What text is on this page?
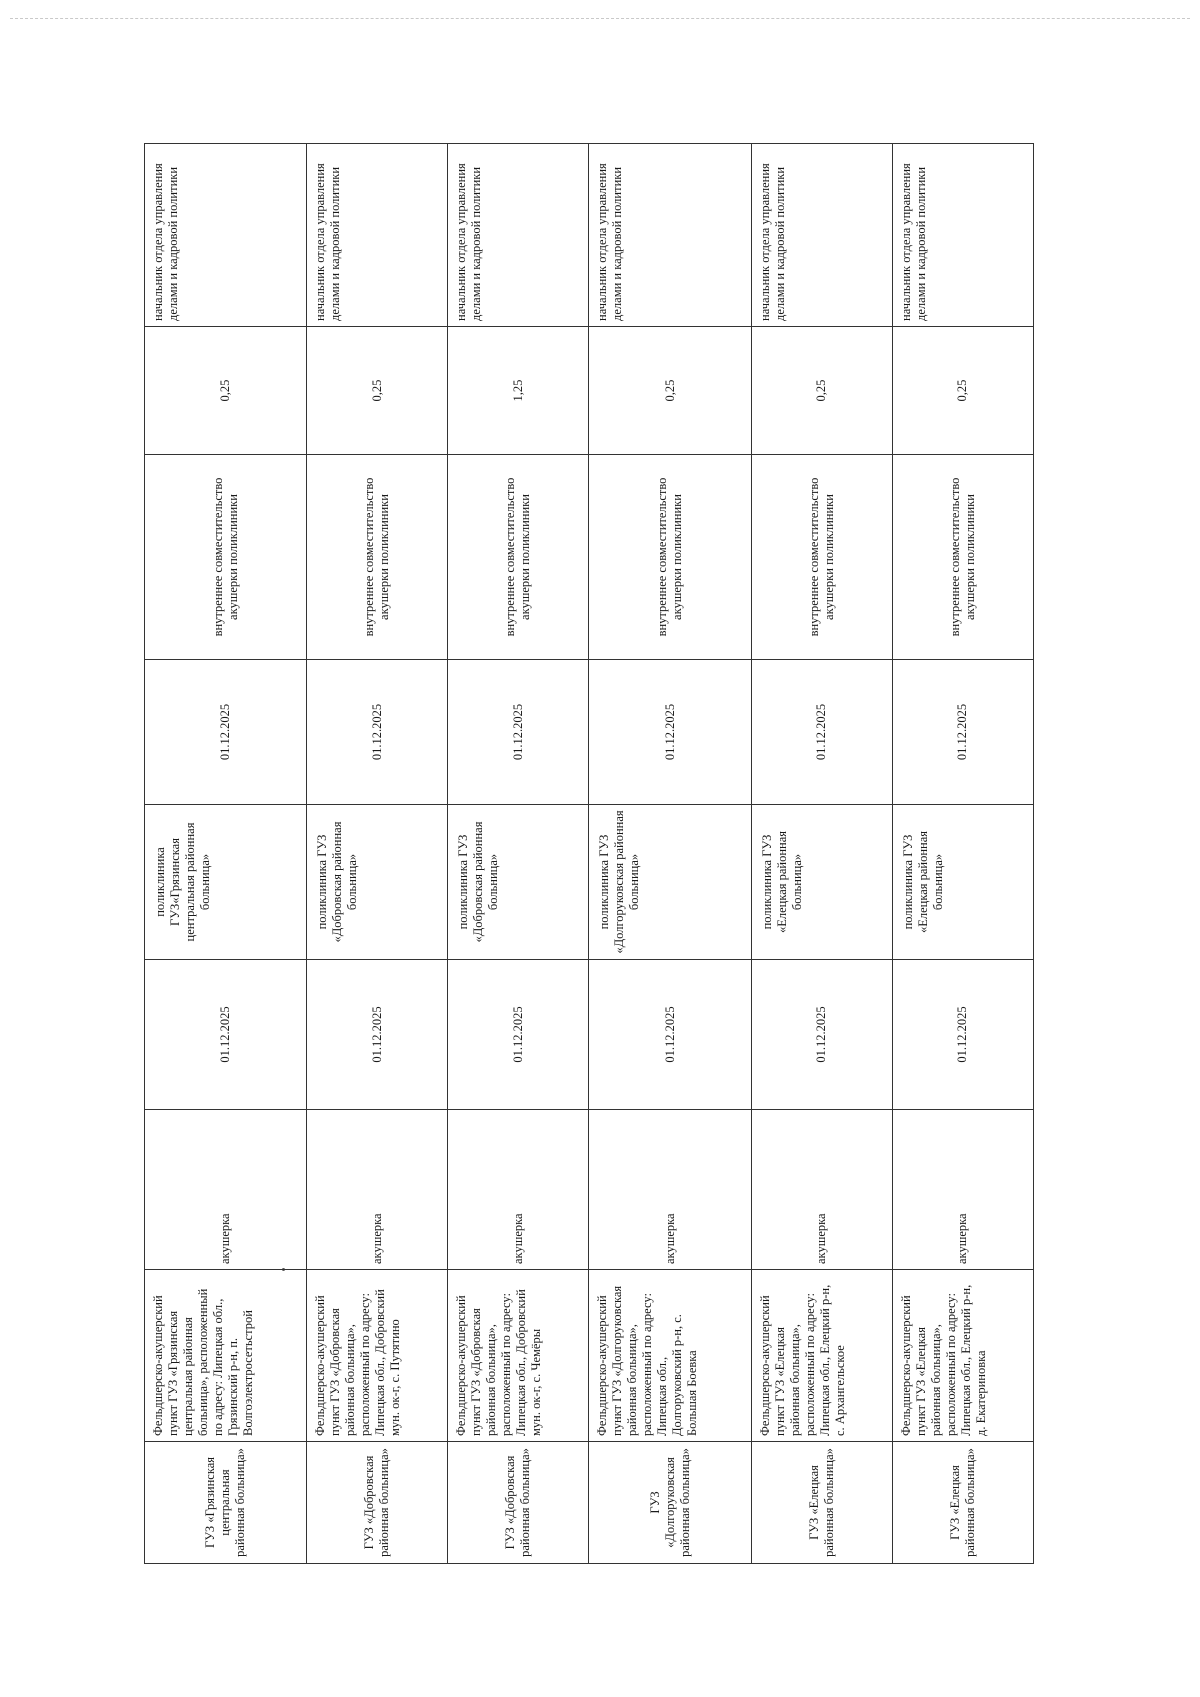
ГУЗ «Грязинская центральная районная больница»	Фельдшерско-акушерский пункт ГУЗ «Грязинская центральная районная больница», расположенный по адресу: Липецкая обл., Грязинский р-н, п. Волгоэлектросетьстрой	акушерка	01.12.2025	поликлиника ГУЗ«Грязинская центральная районная больница»	01.12.2025	внутреннее совместительство акушерки поликлиники	0,25	начальник отдела управления делами и кадровой политики
ГУЗ «Добровская районная больница»	Фельдшерско-акушерский пункт ГУЗ «Добровская районная больница», расположенный по адресу: Липецкая обл., Добровский мун. ок-г, с. Путятино	акушерка	01.12.2025	поликлиника ГУЗ «Добровская районная больница»	01.12.2025	внутреннее совместительство акушерки поликлиники	0,25	начальник отдела управления делами и кадровой политики
ГУЗ «Добровская районная больница»	Фельдшерско-акушерский пункт ГУЗ «Добровская районная больница», расположенный по адресу: Липецкая обл., Добровский мун. ок-г, с. Чемёры	акушерка	01.12.2025	поликлиника ГУЗ «Добровская районная больница»	01.12.2025	внутреннее совместительство акушерки поликлиники	1,25	начальник отдела управления делами и кадровой политики
ГУЗ «Долгоруковская районная больница»	Фельдшерско-акушерский пункт ГУЗ «Долгоруковская районная больница», расположенный по адресу: Липецкая обл., Долгоруковский р-н, с. Большая Боевка	акушерка	01.12.2025	поликлиника ГУЗ «Долгоруковская районная больница»	01.12.2025	внутреннее совместительство акушерки поликлиники	0,25	начальник отдела управления делами и кадровой политики
ГУЗ «Елецкая районная больница»	Фельдшерско-акушерский пункт ГУЗ «Елецкая районная больница», расположенный по адресу: Липецкая обл., Елецкий р-н, с. Архангельское	акушерка	01.12.2025	поликлиника ГУЗ «Елецкая районная больница»	01.12.2025	внутреннее совместительство акушерки поликлиники	0,25	начальник отдела управления делами и кадровой политики
ГУЗ «Елецкая районная больница»	Фельдшерско-акушерский пункт ГУЗ «Елецкая районная больница», расположенный по адресу: Липецкая обл., Елецкий р-н, д. Екатериновка	акушерка	01.12.2025	поликлиника ГУЗ «Елецкая районная больница»	01.12.2025	внутреннее совместительство акушерки поликлиники	0,25	начальник отдела управления делами и кадровой политики
